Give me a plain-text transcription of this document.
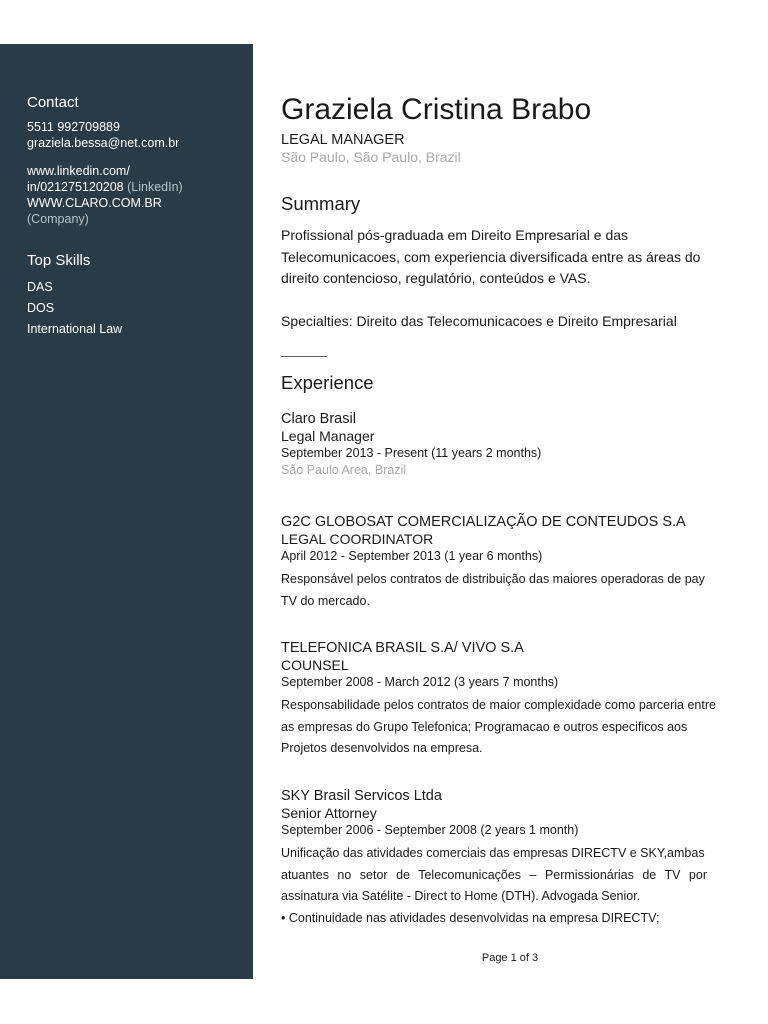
Contact
5511 992709889
graziela.bessa@net.com.br
www.linkedin.com/
in/021275120208 (LinkedIn)
WWW.CLARO.COM.BR
(Company)
Top Skills
DAS
DOS
International Law
Graziela Cristina Brabo
LEGAL MANAGER
São Paulo, São Paulo, Brazil
Summary

Profissional pós-graduada em Direito Empresarial e das

Telecomunicacoes, com experiencia diversificada entre as áreas do

direito contencioso, regulatório, conteúdos e VAS.

Specialties: Direito das Telecomunicacoes e Direito Empresarial

Experience
Claro Brasil
Legal Manager
September 2013 - Present (11 years 2 months)
São Paulo Area, Brazil
G2C GLOBOSAT COMERCIALIZAÇÃO DE CONTEUDOS S.A
LEGAL COORDINATOR
April 2012 - September 2013 (1 year 6 months)
Responsável pelos contratos de distribuição das maiores operadoras de pay
TV do mercado.
TELEFONICA BRASIL S.A/ VIVO S.A
COUNSEL
September 2008 - March 2012 (3 years 7 months)
Responsabilidade pelos contratos de maior complexidade como parceria entre
as empresas do Grupo Telefonica; Programacao e outros especificos aos
Projetos desenvolvidos na empresa.
SKY Brasil Servicos Ltda
Senior Attorney
September 2006 - September 2008 (2 years 1 month)
Unificação das atividades comerciais das empresas DIRECTV e SKY,ambas
atuantes no setor de Telecomunicações – Permissionárias de TV por
assinatura via Satélite - Direct to Home (DTH). Advogada Senior.
• Continuidade nas atividades desenvolvidas na empresa DIRECTV;
Page 1 of 3
